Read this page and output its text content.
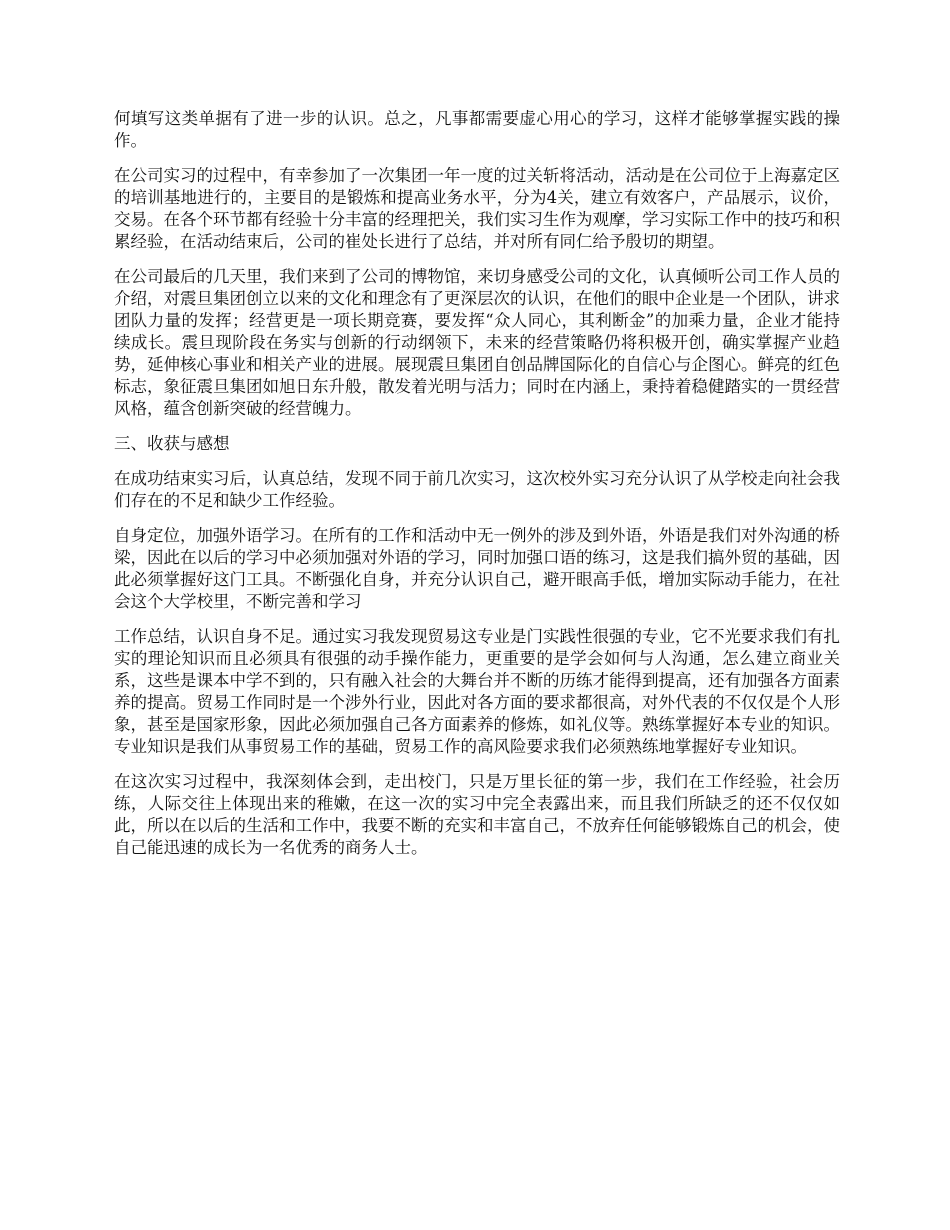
何填写这类单据有了进一步的认识。总之，凡事都需要虚心用心的学习，这样才能够掌握实践的操作。

在公司实习的过程中，有幸参加了一次集团一年一度的过关斩将活动，活动是在公司位于上海嘉定区的培训基地进行的，主要目的是锻炼和提高业务水平，分为4关，建立有效客户，产品展示，议价，交易。在各个环节都有经验十分丰富的经理把关，我们实习生作为观摩，学习实际工作中的技巧和积累经验，在活动结束后，公司的崔处长进行了总结，并对所有同仁给予殷切的期望。

在公司最后的几天里，我们来到了公司的博物馆，来切身感受公司的文化，认真倾听公司工作人员的介绍，对震旦集团创立以来的文化和理念有了更深层次的认识，在他们的眼中企业是一个团队，讲求团队力量的发挥；经营更是一项长期竞赛，要发挥“众人同心，其利断金”的加乘力量，企业才能持续成长。震旦现阶段在务实与创新的行动纲领下，未来的经营策略仍将积极开创，确实掌握产业趋势，延伸核心事业和相关产业的进展。展现震旦集团自创品牌国际化的自信心与企图心。鲜亮的红色标志，象征震旦集团如旭日东升般，散发着光明与活力；同时在内涵上，秉持着稳健踏实的一贯经营风格，蕴含创新突破的经营魄力。

三、收获与感想

在成功结束实习后，认真总结，发现不同于前几次实习，这次校外实习充分认识了从学校走向社会我们存在的不足和缺少工作经验。

自身定位，加强外语学习。在所有的工作和活动中无一例外的涉及到外语，外语是我们对外沟通的桥梁，因此在以后的学习中必须加强对外语的学习，同时加强口语的练习，这是我们搞外贸的基础，因此必须掌握好这门工具。不断强化自身，并充分认识自己，避开眼高手低，增加实际动手能力，在社会这个大学校里，不断完善和学习

工作总结，认识自身不足。通过实习我发现贸易这专业是门实践性很强的专业，它不光要求我们有扎实的理论知识而且必须具有很强的动手操作能力，更重要的是学会如何与人沟通，怎么建立商业关系，这些是课本中学不到的，只有融入社会的大舞台并不断的历练才能得到提高，还有加强各方面素养的提高。贸易工作同时是一个涉外行业，因此对各方面的要求都很高，对外代表的不仅仅是个人形象，甚至是国家形象，因此必须加强自己各方面素养的修炼，如礼仪等。熟练掌握好本专业的知识。专业知识是我们从事贸易工作的基础，贸易工作的高风险要求我们必须熟练地掌握好专业知识。

在这次实习过程中，我深刻体会到，走出校门，只是万里长征的第一步，我们在工作经验，社会历练，人际交往上体现出来的稚嫩，在这一次的实习中完全表露出来，而且我们所缺乏的还不仅仅如此，所以在以后的生活和工作中，我要不断的充实和丰富自己，不放弃任何能够锻炼自己的机会，使自己能迅速的成长为一名优秀的商务人士。
